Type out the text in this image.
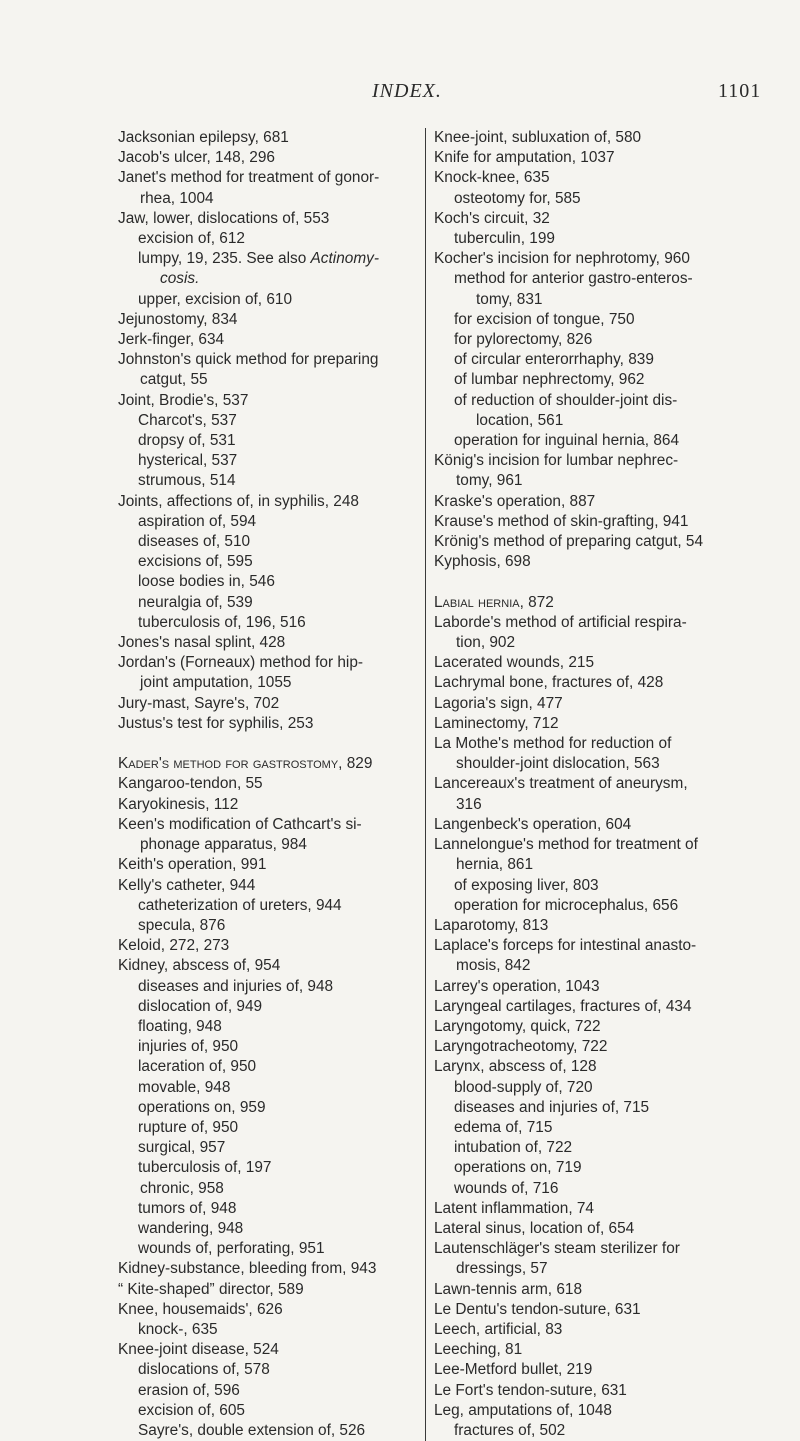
INDEX.	1101
Jacksonian epilepsy, 681
Jacob's ulcer, 148, 296
Janet's method for treatment of gonor-
rhea, 1004
Jaw, lower, dislocations of, 553
excision of, 612
lumpy, 19, 235. See also Actinomy-
cosis.
upper, excision of, 610
Jejunostomy, 834
Jerk-finger, 634
Johnston's quick method for preparing
catgut, 55
Joint, Brodie's, 537
Charcot's, 537
dropsy of, 531
hysterical, 537
strumous, 514
Joints, affections of, in syphilis, 248
aspiration of, 594
diseases of, 510
excisions of, 595
loose bodies in, 546
neuralgia of, 539
tuberculosis of, 196, 516
Jones's nasal splint, 428
Jordan's (Forneaux) method for hip-
joint amputation, 1055
Jury-mast, Sayre's, 702
Justus's test for syphilis, 253
Kader's method for gastrostomy, 829
Kangaroo-tendon, 55
Karyokinesis, 112
Keen's modification of Cathcart's si-
phonage apparatus, 984
Keith's operation, 991
Kelly's catheter, 944
catheterization of ureters, 944
specula, 876
Keloid, 272, 273
Kidney, abscess of, 954
diseases and injuries of, 948
dislocation of, 949
floating, 948
injuries of, 950
laceration of, 950
movable, 948
operations on, 959
rupture of, 950
surgical, 957
tuberculosis of, 197
chronic, 958
tumors of, 948
wandering, 948
wounds of, perforating, 951
Kidney-substance, bleeding from, 943
“ Kite-shaped” director, 589
Knee, housemaids', 626
knock-, 635
Knee-joint disease, 524
dislocations of, 578
erasion of, 596
excision of, 605
Sayre's, double extension of, 526
Knee-joint, subluxation of, 580
Knife for amputation, 1037
Knock-knee, 635
osteotomy for, 585
Koch's circuit, 32
tuberculin, 199
Kocher's incision for nephrotomy, 960
method for anterior gastro-enteros-
tomy, 831
for excision of tongue, 750
for pylorectomy, 826
of circular enterorrhaphy, 839
of lumbar nephrectomy, 962
of reduction of shoulder-joint dis-
location, 561
operation for inguinal hernia, 864
König's incision for lumbar nephrec-
tomy, 961
Kraske's operation, 887
Krause's method of skin-grafting, 941
Krönig's method of preparing catgut, 54
Kyphosis, 698
Labial hernia, 872
Laborde's method of artificial respira-
tion, 902
Lacerated wounds, 215
Lachrymal bone, fractures of, 428
Lagoria's sign, 477
Laminectomy, 712
La Mothe's method for reduction of
shoulder-joint dislocation, 563
Lancereaux's treatment of aneurysm,
316
Langenbeck's operation, 604
Lannelongue's method for treatment of
hernia, 861
of exposing liver, 803
operation for microcephalus, 656
Laparotomy, 813
Laplace's forceps for intestinal anasto-
mosis, 842
Larrey's operation, 1043
Laryngeal cartilages, fractures of, 434
Laryngotomy, quick, 722
Laryngotracheotomy, 722
Larynx, abscess of, 128
blood-supply of, 720
diseases and injuries of, 715
edema of, 715
intubation of, 722
operations on, 719
wounds of, 716
Latent inflammation, 74
Lateral sinus, location of, 654
Lautenschläger's steam sterilizer for
dressings, 57
Lawn-tennis arm, 618
Le Dentu's tendon-suture, 631
Leech, artificial, 83
Leeching, 81
Lee-Metford bullet, 219
Le Fort's tendon-suture, 631
Leg, amputations of, 1048
fractures of, 502
